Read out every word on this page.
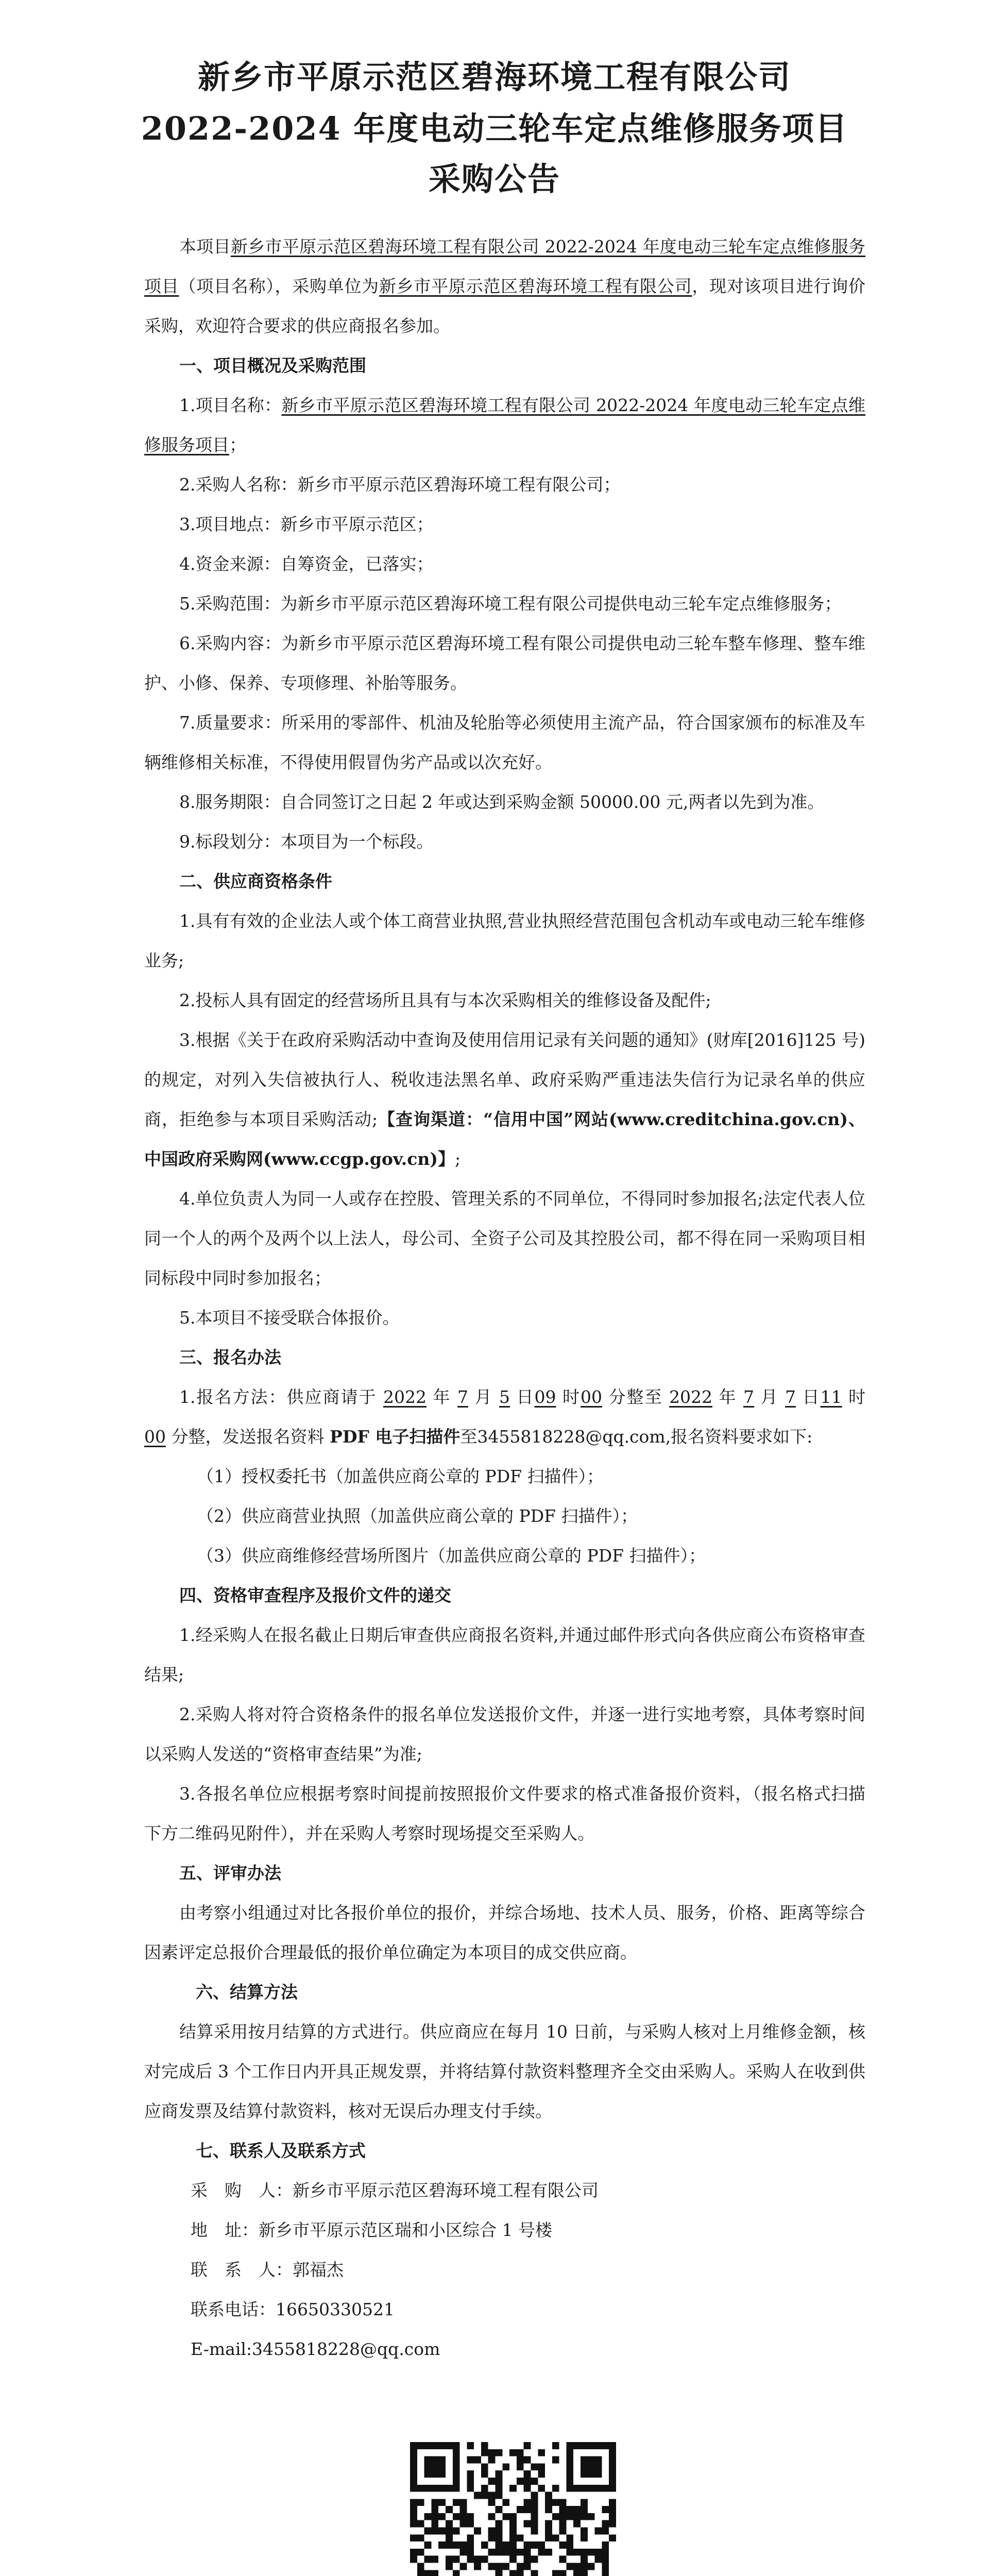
新乡市平原示范区碧海环境工程有限公司
2022-2024 年度电动三轮车定点维修服务项目
采购公告

本项目新乡市平原示范区碧海环境工程有限公司 2022-2024 年度电动三轮车定点维修服务项目（项目名称），采购单位为新乡市平原示范区碧海环境工程有限公司，现对该项目进行询价采购，欢迎符合要求的供应商报名参加。

一、项目概况及采购范围

1.项目名称：新乡市平原示范区碧海环境工程有限公司 2022-2024 年度电动三轮车定点维修服务项目；

2.采购人名称：新乡市平原示范区碧海环境工程有限公司；

3.项目地点：新乡市平原示范区；

4.资金来源：自筹资金，已落实；

5.采购范围：为新乡市平原示范区碧海环境工程有限公司提供电动三轮车定点维修服务；

6.采购内容：为新乡市平原示范区碧海环境工程有限公司提供电动三轮车整车修理、整车维护、小修、保养、专项修理、补胎等服务。

7.质量要求：所采用的零部件、机油及轮胎等必须使用主流产品，符合国家颁布的标准及车辆维修相关标准，不得使用假冒伪劣产品或以次充好。

8.服务期限：自合同签订之日起 2 年或达到采购金额 50000.00 元,两者以先到为准。

9.标段划分：本项目为一个标段。

二、供应商资格条件

1.具有有效的企业法人或个体工商营业执照,营业执照经营范围包含机动车或电动三轮车维修业务;

2.投标人具有固定的经营场所且具有与本次采购相关的维修设备及配件;

3.根据《关于在政府采购活动中查询及使用信用记录有关问题的通知》(财库[2016]125 号)的规定，对列入失信被执行人、税收违法黑名单、政府采购严重违法失信行为记录名单的供应商，拒绝参与本项目采购活动;【查询渠道：“信用中国”网站(www.creditchina.gov.cn)、中国政府采购网(www.ccgp.gov.cn)】;

4.单位负责人为同一人或存在控股、管理关系的不同单位，不得同时参加报名;法定代表人位同一个人的两个及两个以上法人，母公司、全资子公司及其控股公司，都不得在同一采购项目相同标段中同时参加报名；

5.本项目不接受联合体报价。

三、报名办法

1.报名方法：供应商请于 2022 年 7 月 5 日09 时00 分整至 2022 年 7 月 7 日11 时00 分整，发送报名资料 PDF 电子扫描件至3455818228@qq.com,报名资料要求如下:

（1）授权委托书（加盖供应商公章的 PDF 扫描件）；

（2）供应商营业执照（加盖供应商公章的 PDF 扫描件）；

（3）供应商维修经营场所图片（加盖供应商公章的 PDF 扫描件）；

四、资格审查程序及报价文件的递交

1.经采购人在报名截止日期后审查供应商报名资料,并通过邮件形式向各供应商公布资格审查结果;

2.采购人将对符合资格条件的报名单位发送报价文件，并逐一进行实地考察，具体考察时间以采购人发送的“资格审查结果”为准;

3.各报名单位应根据考察时间提前按照报价文件要求的格式准备报价资料，（报名格式扫描下方二维码见附件），并在采购人考察时现场提交至采购人。

五、评审办法

由考察小组通过对比各报价单位的报价，并综合场地、技术人员、服务，价格、距离等综合因素评定总报价合理最低的报价单位确定为本项目的成交供应商。

六、结算方法

结算采用按月结算的方式进行。供应商应在每月 10 日前，与采购人核对上月维修金额，核对完成后 3 个工作日内开具正规发票，并将结算付款资料整理齐全交由采购人。采购人在收到供应商发票及结算付款资料，核对无误后办理支付手续。

七、联系人及联系方式

采　购　人：新乡市平原示范区碧海环境工程有限公司

地　址：新乡市平原示范区瑞和小区综合 1 号楼

联　系　人：郭福杰

联系电话：16650330521

E-mail:3455818228@qq.com
